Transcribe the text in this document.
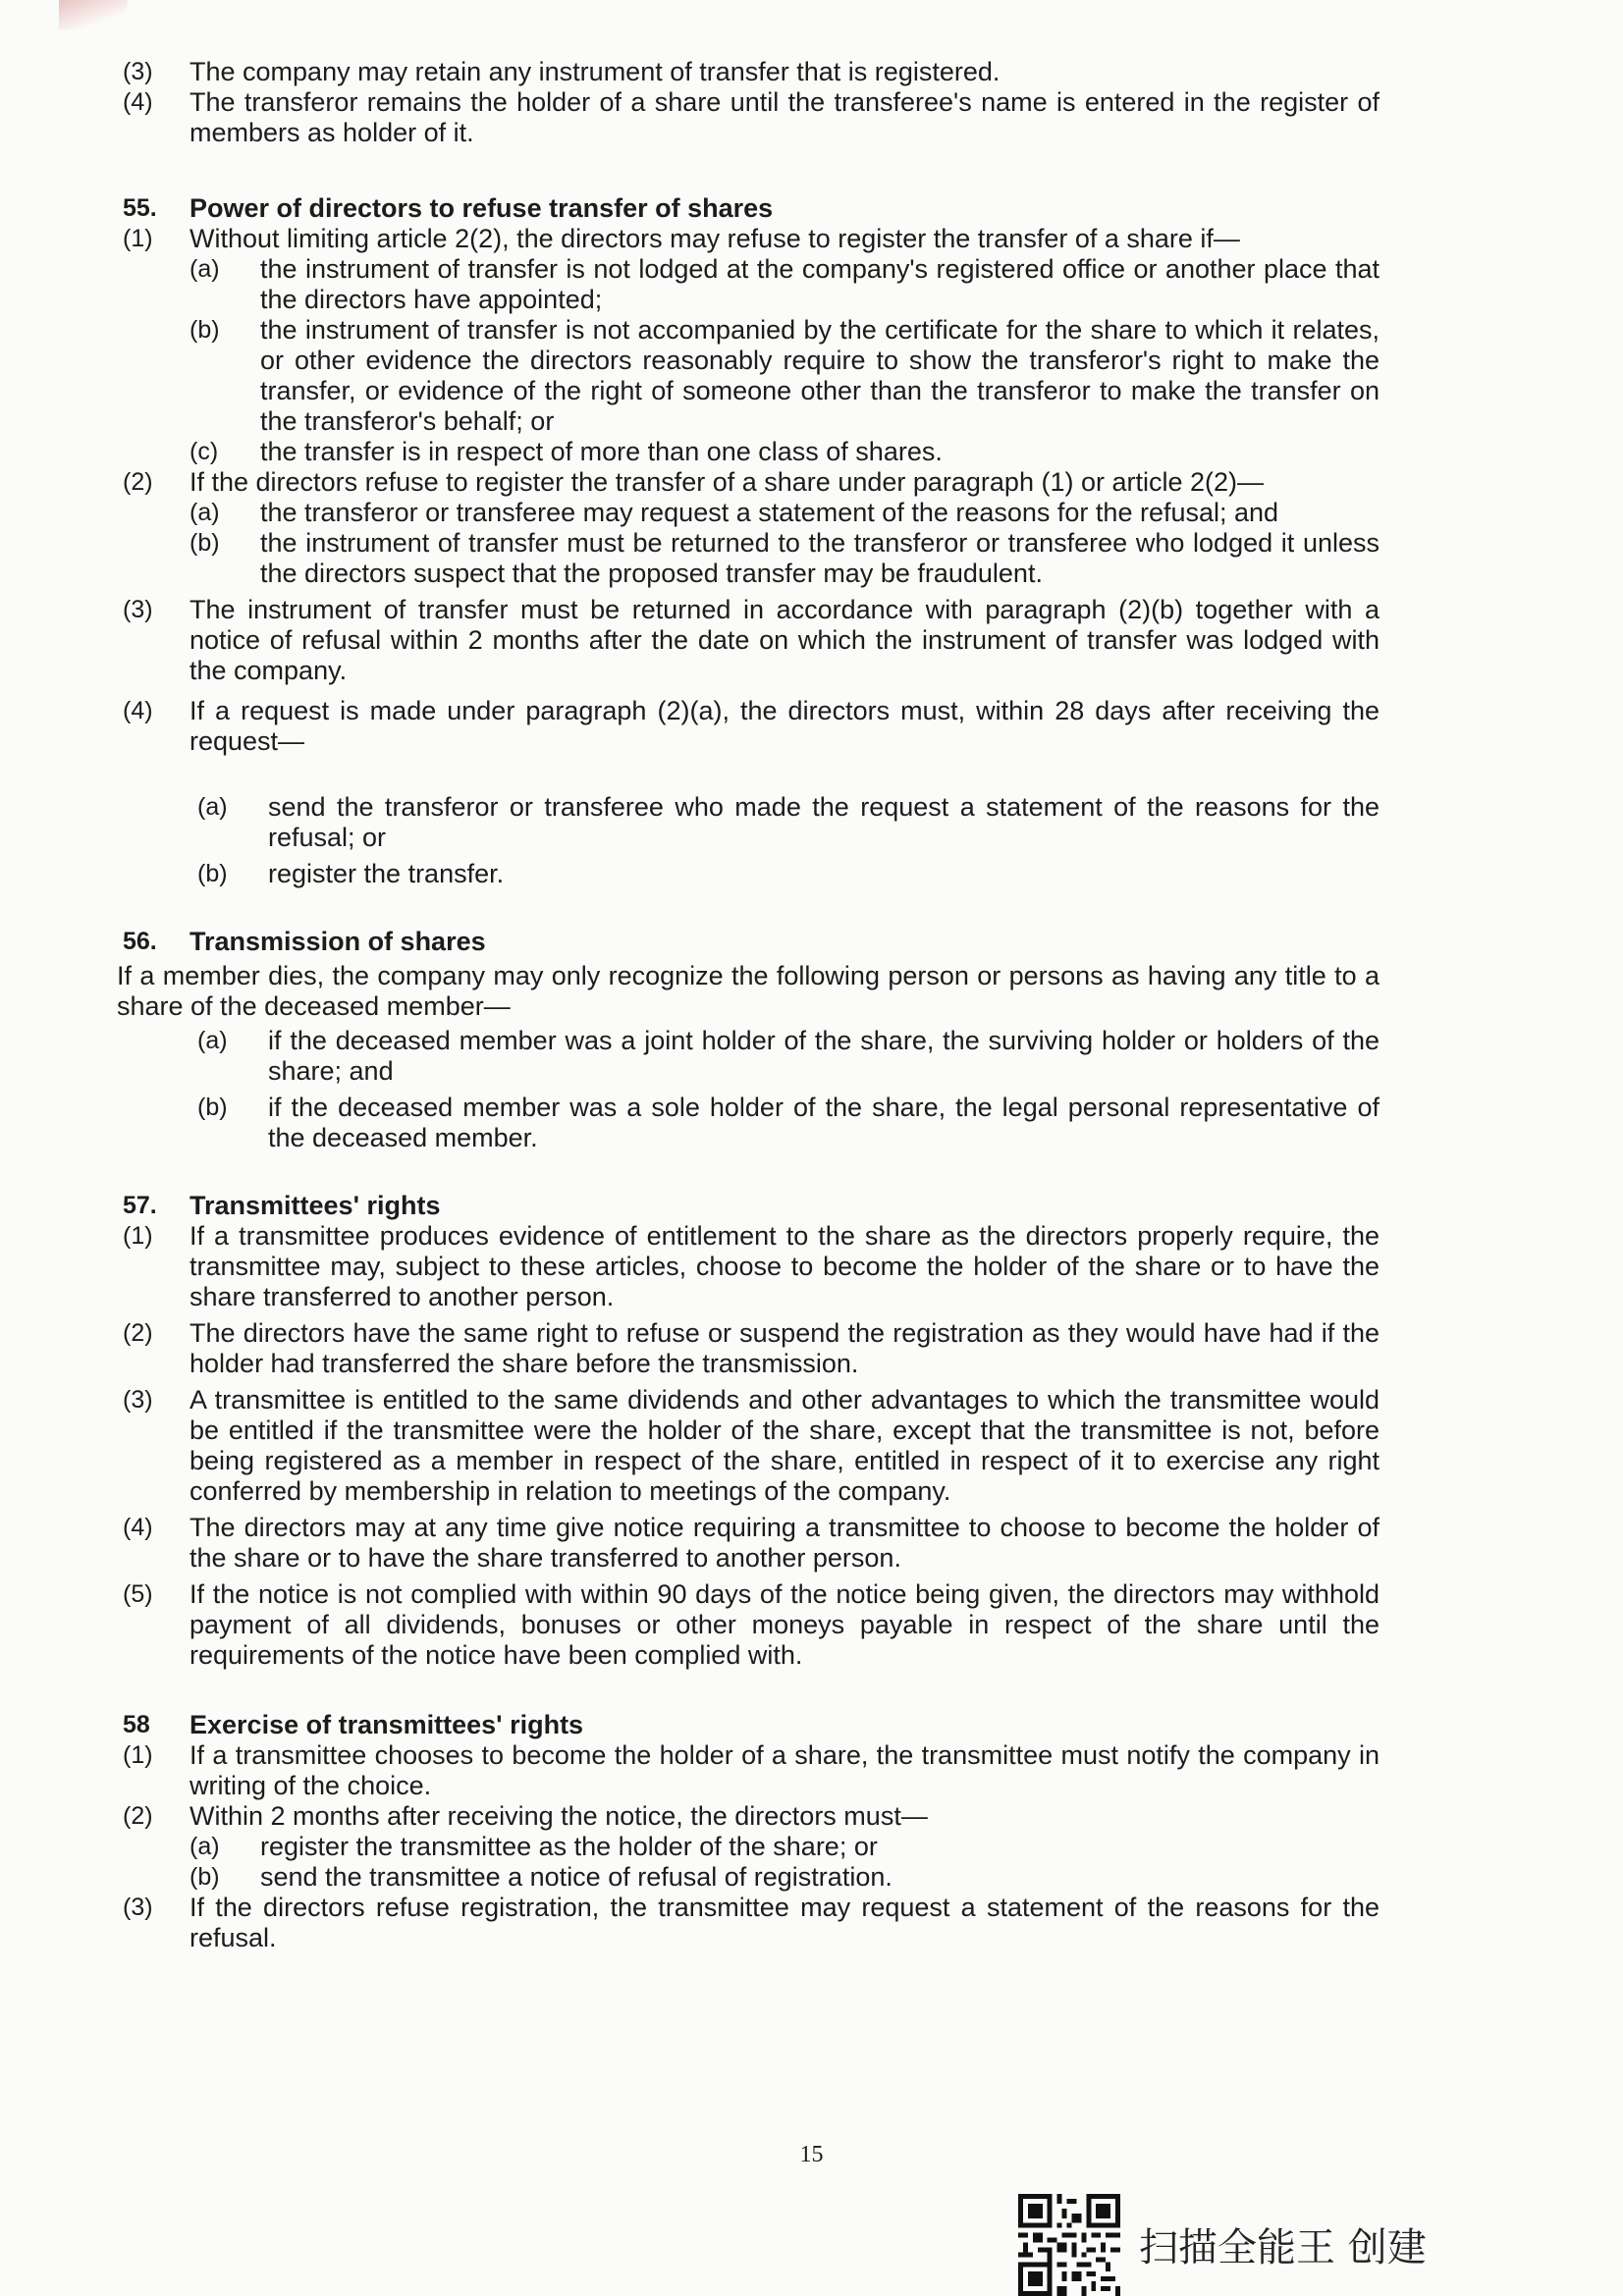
(3)	The company may retain any instrument of transfer that is registered.
(4)	The transferor remains the holder of a share until the transferee's name is entered in the register of members as holder of it.
55.	Power of directors to refuse transfer of shares
(1)	Without limiting article 2(2), the directors may refuse to register the transfer of a share if—
(a)	the instrument of transfer is not lodged at the company's registered office or another place that the directors have appointed;
(b)	the instrument of transfer is not accompanied by the certificate for the share to which it relates, or other evidence the directors reasonably require to show the transferor's right to make the transfer, or evidence of the right of someone other than the transferor to make the transfer on the transferor's behalf; or
(c)	the transfer is in respect of more than one class of shares.
(2)	If the directors refuse to register the transfer of a share under paragraph (1) or article 2(2)—
(a)	the transferor or transferee may request a statement of the reasons for the refusal; and
(b)	the instrument of transfer must be returned to the transferor or transferee who lodged it unless the directors suspect that the proposed transfer may be fraudulent.
(3)	The instrument of transfer must be returned in accordance with paragraph (2)(b) together with a notice of refusal within 2 months after the date on which the instrument of transfer was lodged with the company.
(4)	If a request is made under paragraph (2)(a), the directors must, within 28 days after receiving the request—
(a)	send the transferor or transferee who made the request a statement of the reasons for the refusal; or
(b)	register the transfer.
56.	Transmission of shares
If a member dies, the company may only recognize the following person or persons as having any title to a share of the deceased member—
(a)	if the deceased member was a joint holder of the share, the surviving holder or holders of the share; and
(b)	if the deceased member was a sole holder of the share, the legal personal representative of the deceased member.
57.	Transmittees' rights
(1)	If a transmittee produces evidence of entitlement to the share as the directors properly require, the transmittee may, subject to these articles, choose to become the holder of the share or to have the share transferred to another person.
(2)	The directors have the same right to refuse or suspend the registration as they would have had if the holder had transferred the share before the transmission.
(3)	A transmittee is entitled to the same dividends and other advantages to which the transmittee would be entitled if the transmittee were the holder of the share, except that the transmittee is not, before being registered as a member in respect of the share, entitled in respect of it to exercise any right conferred by membership in relation to meetings of the company.
(4)	The directors may at any time give notice requiring a transmittee to choose to become the holder of the share or to have the share transferred to another person.
(5)	If the notice is not complied with within 90 days of the notice being given, the directors may withhold payment of all dividends, bonuses or other moneys payable in respect of the share until the requirements of the notice have been complied with.
58	Exercise of transmittees' rights
(1)	If a transmittee chooses to become the holder of a share, the transmittee must notify the company in writing of the choice.
(2)	Within 2 months after receiving the notice, the directors must—
(a)	register the transmittee as the holder of the share; or
(b)	send the transmittee a notice of refusal of registration.
(3)	If the directors refuse registration, the transmittee may request a statement of the reasons for the refusal.
15
扫描全能王 创建
